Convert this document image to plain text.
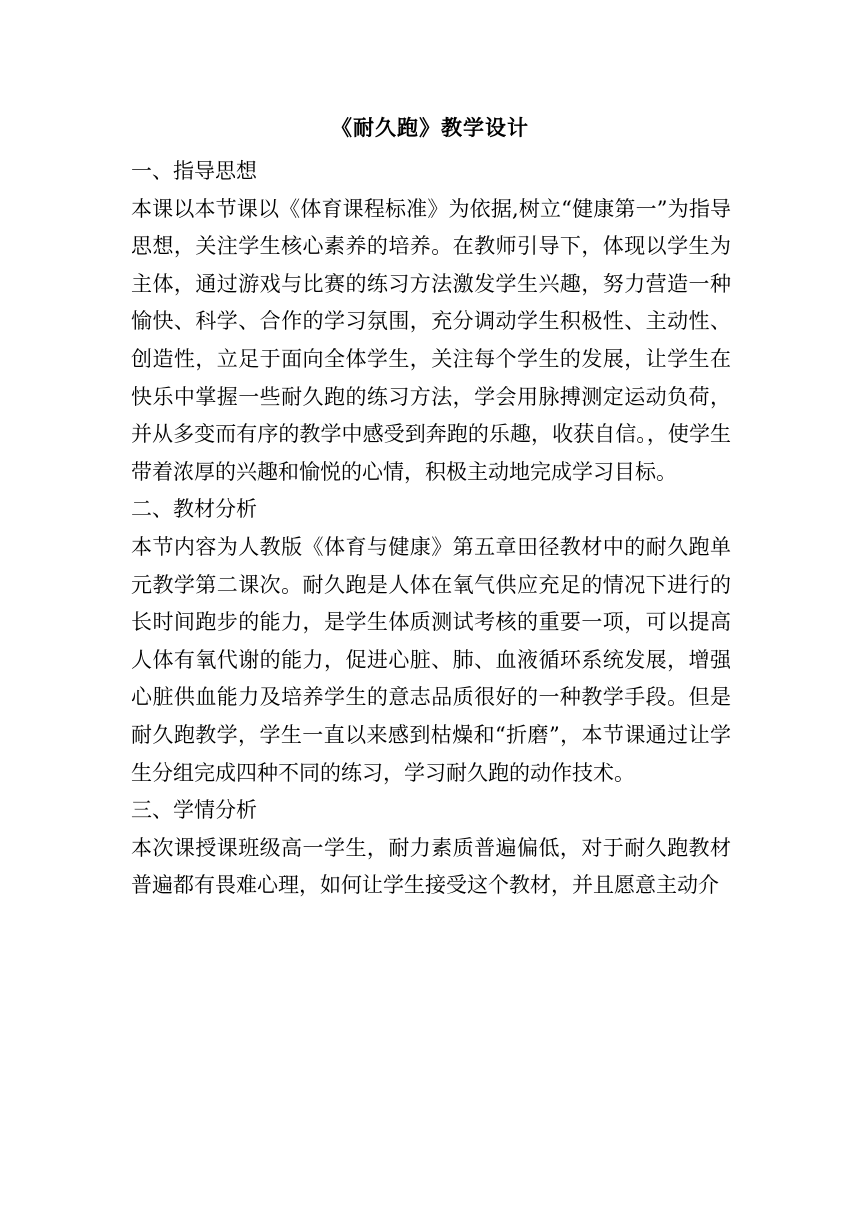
《耐久跑》教学设计
一、指导思想
本课以本节课以《体育课程标准》为依据,树立“健康第一”为指导思想，关注学生核心素养的培养。在教师引导下，体现以学生为主体，通过游戏与比赛的练习方法激发学生兴趣，努力营造一种愉快、科学、合作的学习氛围，充分调动学生积极性、主动性、创造性，立足于面向全体学生，关注每个学生的发展，让学生在快乐中掌握一些耐久跑的练习方法，学会用脉搏测定运动负荷，并从多变而有序的教学中感受到奔跑的乐趣，收获自信。，使学生带着浓厚的兴趣和愉悦的心情，积极主动地完成学习目标。
二、教材分析
本节内容为人教版《体育与健康》第五章田径教材中的耐久跑单元教学第二课次。耐久跑是人体在氧气供应充足的情况下进行的长时间跑步的能力，是学生体质测试考核的重要一项，可以提高人体有氧代谢的能力，促进心脏、肺、血液循环系统发展，增强心脏供血能力及培养学生的意志品质很好的一种教学手段。但是耐久跑教学，学生一直以来感到枯燥和“折磨”，本节课通过让学生分组完成四种不同的练习，学习耐久跑的动作技术。
三、学情分析
本次课授课班级高一学生，耐力素质普遍偏低，对于耐久跑教材普遍都有畏难心理，如何让学生接受这个教材，并且愿意主动介
